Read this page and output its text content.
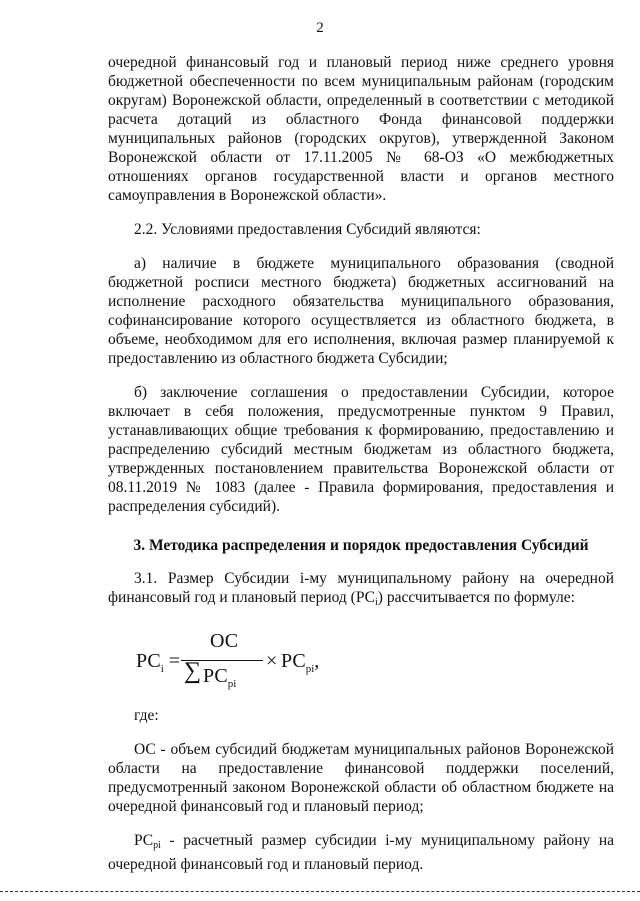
2

очередной финансовый год и плановый период ниже среднего уровня бюджетной обеспеченности по всем муниципальным районам (городским округам) Воронежской области, определенный в соответствии с методикой расчета дотаций из областного Фонда финансовой поддержки муниципальных районов (городских округов), утвержденной Законом Воронежской области от 17.11.2005 № 68-ОЗ «О межбюджетных отношениях органов государственной власти и органов местного самоуправления в Воронежской области».

2.2. Условиями предоставления Субсидий являются:

а) наличие в бюджете муниципального образования (сводной бюджетной росписи местного бюджета) бюджетных ассигнований на исполнение расходного обязательства муниципального образования, софинансирование которого осуществляется из областного бюджета, в объеме, необходимом для его исполнения, включая размер планируемой к предоставлению из областного бюджета Субсидии;

б) заключение соглашения о предоставлении Субсидии, которое включает в себя положения, предусмотренные пунктом 9 Правил, устанавливающих общие требования к формированию, предоставлению и распределению субсидий местным бюджетам из областного бюджета, утвержденных постановлением правительства Воронежской области от 08.11.2019 № 1083 (далее - Правила формирования, предоставления и распределения субсидий).

3. Методика распределения и порядок предоставления Субсидий

3.1. Размер Субсидии i-му муниципальному району на очередной финансовый год и плановый период (РСi) рассчитывается по формуле:

$РС_i$ =
ОС
∑ $РС_{pi}$
× $РС_{pi}$,

где:

ОС - объем субсидий бюджетам муниципальных районов Воронежской области на предоставление финансовой поддержки поселений, предусмотренный законом Воронежской области об областном бюджете на очередной финансовый год и плановый период;

РСpi - расчетный размер субсидии i-му муниципальному району на очередной финансовый год и плановый период.
